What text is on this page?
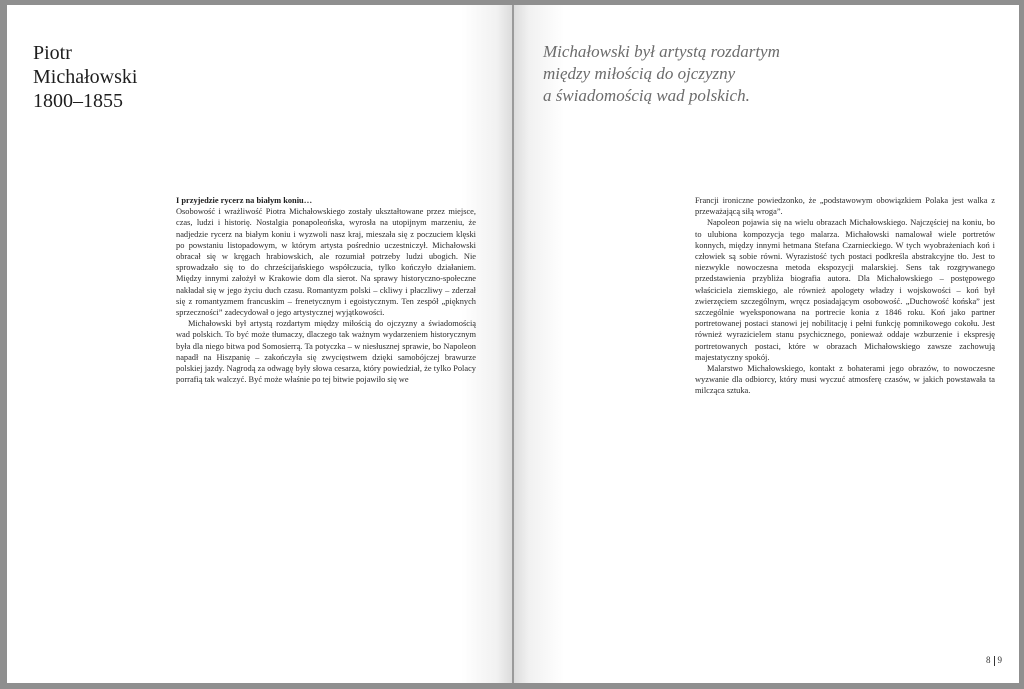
Piotr
Michałowski
1800–1855
I przyjedzie rycerz na białym koniu…

Osobowość i wrażliwość Piotra Michałowskiego zostały ukształtowane przez miejsce, czas, ludzi i historię. Nostalgia ponapoleońska, wyrosła na utopijnym marzeniu, że nadjedzie rycerz na białym koniu i wyzwoli nasz kraj, mieszała się z poczuciem klęski po powstaniu listopadowym, w którym artysta pośrednio uczestniczył. Michałowski obracał się w kręgach hrabiowskich, ale rozumiał potrzeby ludzi ubogich. Nie sprowadzało się to do chrześcijańskiego współczucia, tylko kończyło działaniem. Między innymi założył w Krakowie dom dla sierot. Na sprawy historyczno-społeczne nakładał się w jego życiu duch czasu. Romantyzm polski – ckliwy i płaczliwy – zderzał się z romantyzmem francuskim – frenetycznym i egoistycznym. Ten zespół „pięknych sprzeczności” zadecydował o jego artystycznej wyjątkowości.

Michałowski był artystą rozdartym między miłością do ojczyzny a świadomością wad polskich. To być może tłumaczy, dlaczego tak ważnym wydarzeniem historycznym była dla niego bitwa pod Somosierrą. Ta potyczka – w niesłusznej sprawie, bo Napoleon napadł na Hiszpanię – zakończyła się zwycięstwem dzięki samobójczej brawurze polskiej jazdy. Nagrodą za odwagę były słowa cesarza, który powiedział, że tylko Polacy porrafią tak walczyć. Być może właśnie po tej bitwie pojawiło się we

Michałowski był artystą rozdartym
między miłością do ojczyzny
a świadomością wad polskich.

Francji ironiczne powiedzonko, że „podstawowym obowiązkiem Polaka jest walka z przeważającą siłą wroga”.

Napoleon pojawia się na wielu obrazach Michałowskiego. Najczęściej na koniu, bo to ulubiona kompozycja tego malarza. Michałowski namalował wiele portretów konnych, między innymi hetmana Stefana Czarnieckiego. W tych wyobrażeniach koń i człowiek są sobie równi. Wyrazistość tych postaci podkreśla abstrakcyjne tło. Jest to niezwykle nowoczesna metoda ekspozycji malarskiej. Sens tak rozgrywanego przedstawienia przybliża biografia autora. Dla Michałowskiego – postępowego właściciela ziemskiego, ale również apologety władzy i wojskowości – koń był zwierzęciem szczególnym, wręcz posiadającym osobowość. „Duchowość końska” jest szczególnie wyeksponowana na portrecie konia z 1846 roku. Koń jako partner portretowanej postaci stanowi jej nobilitację i pełni funkcję pomnikowego cokołu. Jest również wyrazicielem stanu psychicznego, ponieważ oddaje wzburzenie i ekspresję portretowanych postaci, które w obrazach Michałowskiego zawsze zachowują majestatyczny spokój.

Malarstwo Michałowskiego, kontakt z bohaterami jego obrazów, to nowoczesne wyzwanie dla odbiorcy, który musi wyczuć atmosferę czasów, w jakich powstawała ta milcząca sztuka.

8 9
